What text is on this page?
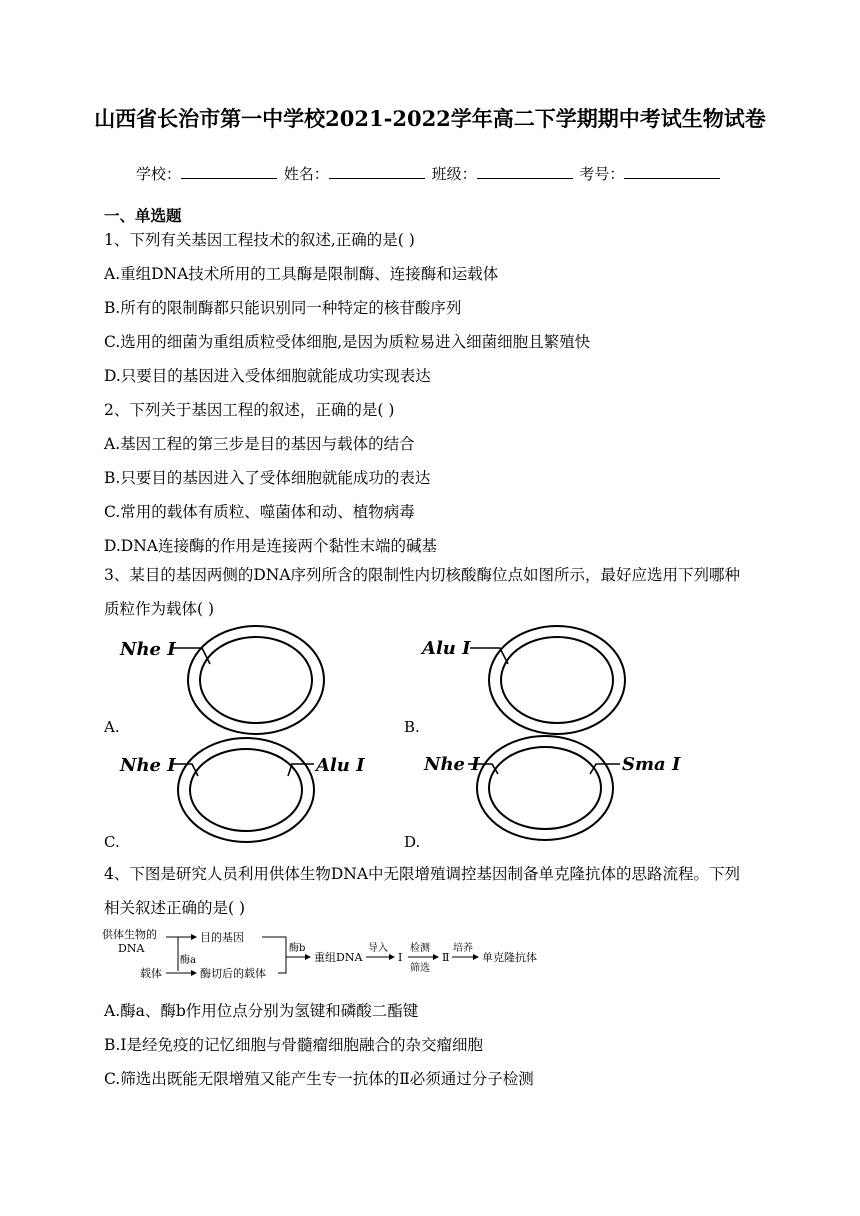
山西省长治市第一中学校2021-2022学年高二下学期期中考试生物试卷
学校：	姓名：	班级：	考号：
一、单选题
1、下列有关基因工程技术的叙述,正确的是( )
A.重组DNA技术所用的工具酶是限制酶、连接酶和运载体
B.所有的限制酶都只能识别同一种特定的核苷酸序列
C.选用的细菌为重组质粒受体细胞,是因为质粒易进入细菌细胞且繁殖快
D.只要目的基因进入受体细胞就能成功实现表达
2、下列关于基因工程的叙述，正确的是( )
A.基因工程的第三步是目的基因与载体的结合
B.只要目的基因进入了受体细胞就能成功的表达
C.常用的载体有质粒、噬菌体和动、植物病毒
D.DNA连接酶的作用是连接两个黏性末端的碱基
3、某目的基因两侧的DNA序列所含的限制性内切核酸酶位点如图所示，最好应选用下列哪种质粒作为载体( )
Nhe Ⅰ	Alu Ⅰ
Nhe Ⅰ	Alu Ⅰ	Nhe Ⅰ	Sma Ⅰ
A.	B.
C.	D.
4、下图是研究人员利用供体生物DNA中无限增殖调控基因制备单克隆抗体的思路流程。下列相关叙述正确的是( )
供体生物的
DNA
目的基因
酶a
载体	酶切后的载体
酶b
重组DNA
导入
Ⅰ
检测
筛选
Ⅱ
培养
单克隆抗体
A.酶a、酶b作用位点分别为氢键和磷酸二酯键
B.Ⅰ是经免疫的记忆细胞与骨髓瘤细胞融合的杂交瘤细胞
C.筛选出既能无限增殖又能产生专一抗体的Ⅱ必须通过分子检测
